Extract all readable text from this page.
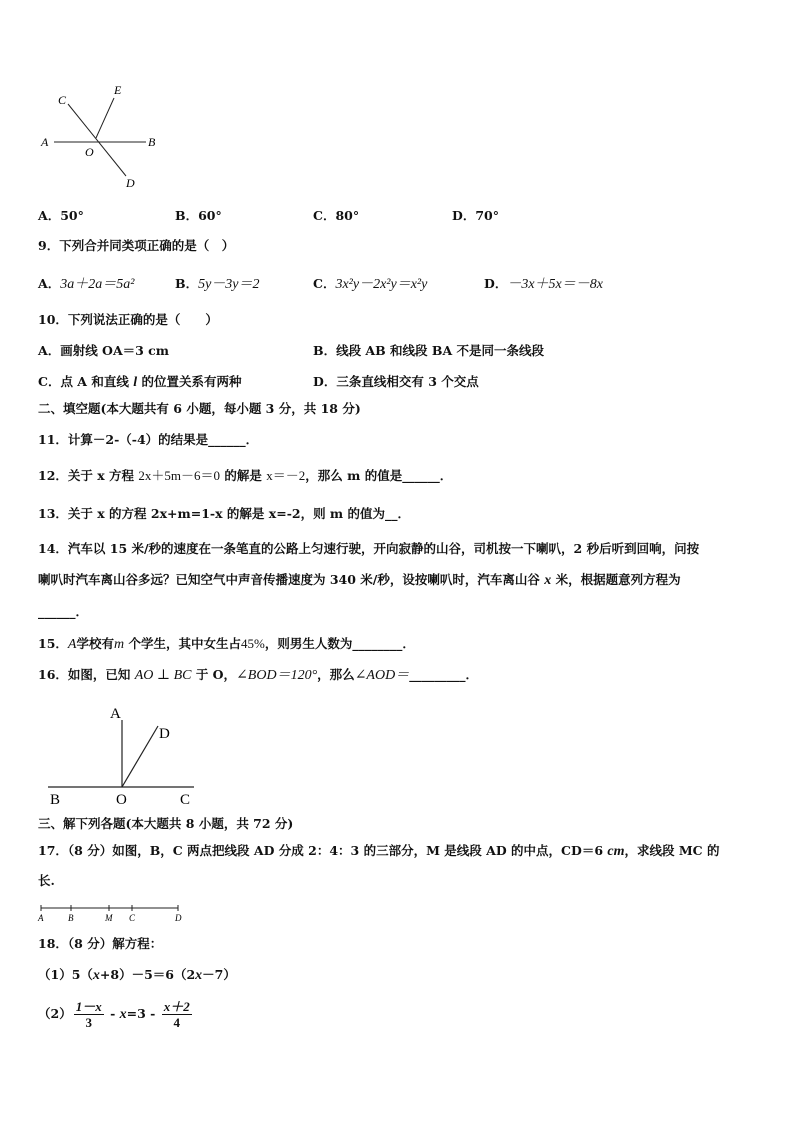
C
E
A
O
B
D
A．50°	B．60°	C．80°	D．70°
9．下列合并同类项正确的是（　）
A．3a＋2a＝5a²	B．5y－3y＝2	C．3x²y－2x²y＝x²y	D．－3x＋5x＝－8x
10．下列说法正确的是（　　）
A．画射线 OA＝3 cm	B．线段 AB 和线段 BA 不是同一条线段
C．点 A 和直线 l 的位置关系有两种	D．三条直线相交有 3 个交点
二、填空题(本大题共有 6 小题，每小题 3 分，共 18 分)
11．计算－2-（-4）的结果是______．
12．关于 x 方程 2x＋5m－6＝0 的解是 x＝－2，那么 m 的值是______．
13．关于 x 的方程 2x+m=1-x 的解是 x=-2，则 m 的值为__．
14．汽车以 15 米/秒的速度在一条笔直的公路上匀速行驶，开向寂静的山谷，司机按一下喇叭，2 秒后听到回响，问按
喇叭时汽车离山谷多远？已知空气中声音传播速度为 340 米/秒，设按喇叭时，汽车离山谷 x 米，根据题意列方程为
______．
15．A学校有m 个学生，其中女生占45%，则男生人数为________．
16．如图，已知 AO ⊥ BC 于 O，∠BOD＝120°，那么∠AOD＝_________．
A
D
B	O	C
三、解下列各题(本大题共 8 小题，共 72 分)
17．（8 分）如图，B，C 两点把线段 AD 分成 2：4：3 的三部分，M 是线段 AD 的中点，CD＝6 cm，求线段 MC 的
长.
A	B	M C	D
18．（8 分）解方程：
（1）5（x+8）－5＝6（2x－7）
$(2) \frac{1-x}{3} - x=3 - \frac{x+2}{4}$
